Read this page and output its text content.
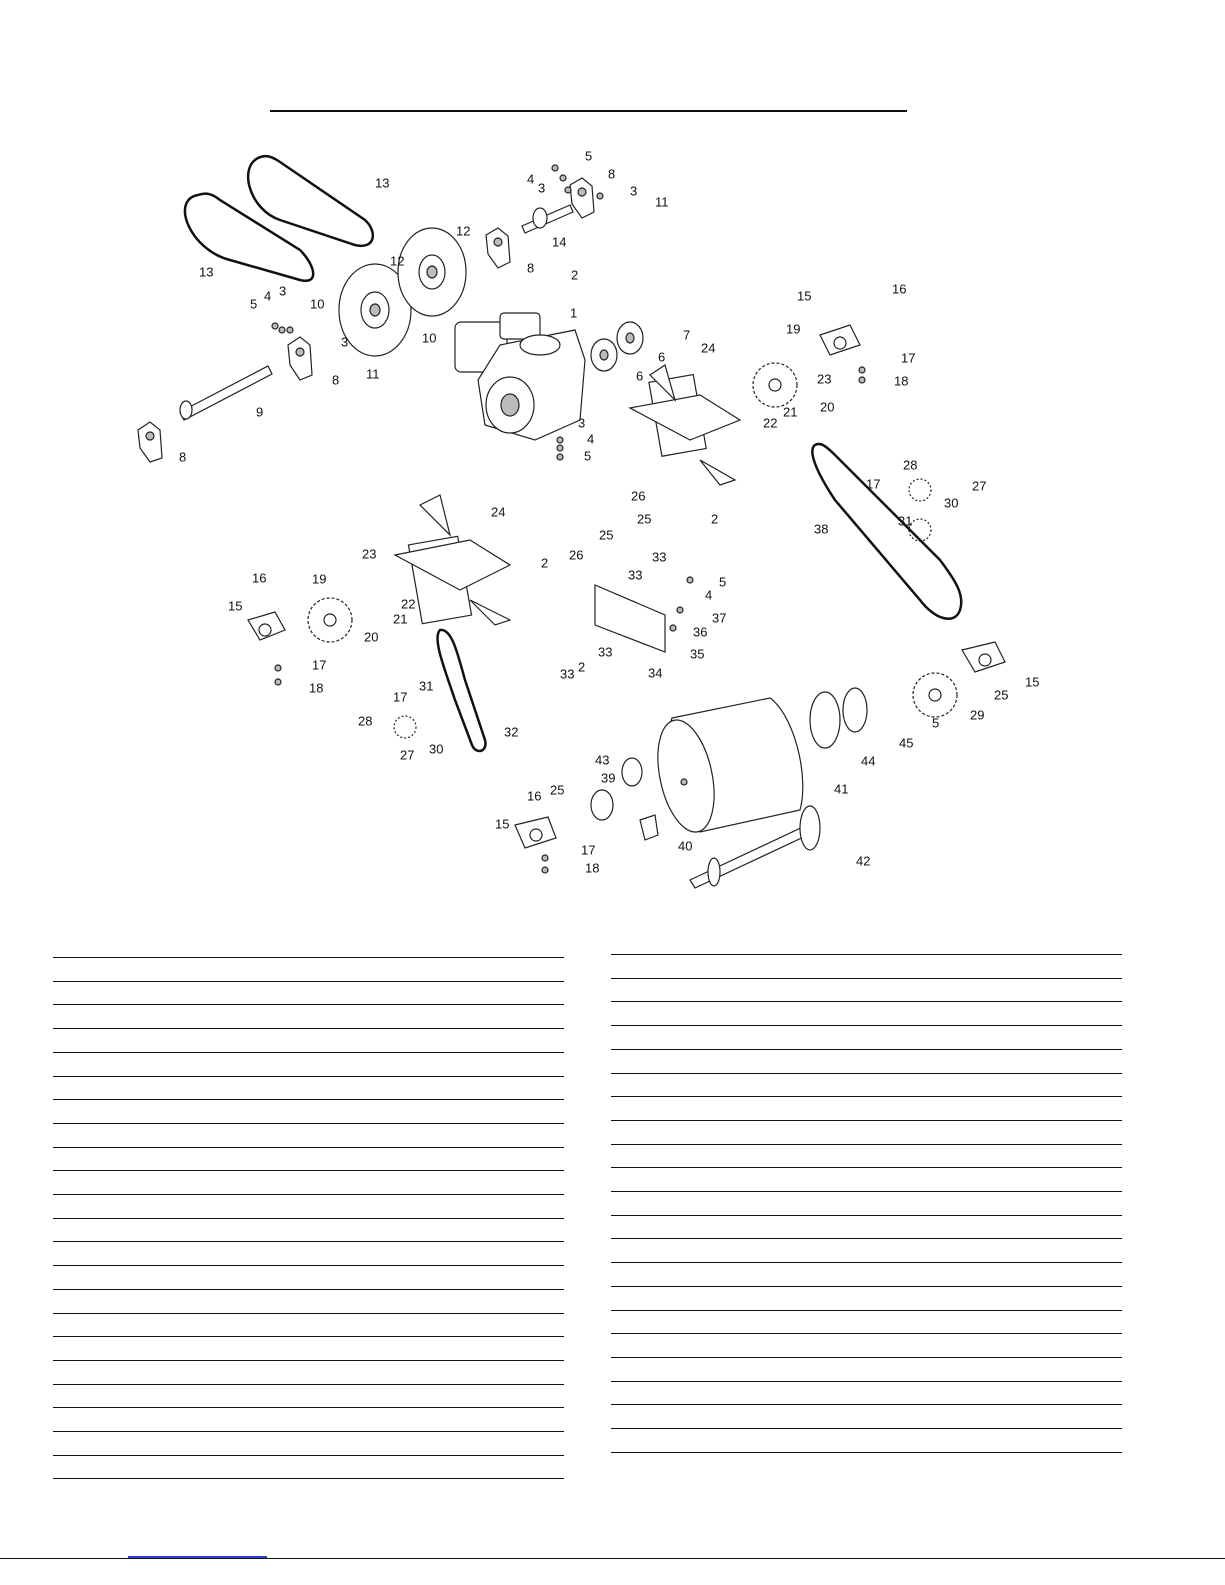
13
13
12
12
5
4
3
8
3
11
14
8	2
5
4 3
10
10
1
7
6
6
3
11
8
24
15	16
19
17
23	18
21 20
22
9
3
4
5
8
28
27
17
30
26
25	2
24
31
38
25
26
2
23	33
33
16	19	5
4
22
15
21	37
36
20
33	35
17	2	34
33
15
18	31
25
17
29
5
28
32
30
27
45
44
43
41
39
25
16
15
40
17
42
18
